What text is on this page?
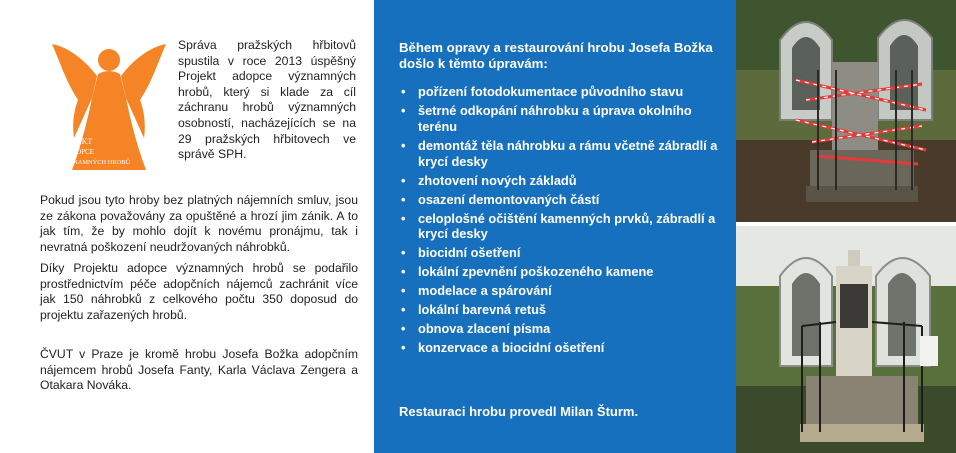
PROJEKT
ADOPCE
VÝZNAMNÝCH HROBŮ

Správa pražských hřbitovů spustila v roce 2013 úspěšný Projekt adopce významných hrobů, který si klade za cíl záchranu hrobů významných osobností, nacházejících se na 29 pražských hřbitovech ve správě SPH.

Pokud jsou tyto hroby bez platných nájemních smluv, jsou ze zákona považovány za opuštěné a hrozí jim zánik. A to jak tím, že by mohlo dojít k novému pronájmu, tak i nevratná poškození neudržovaných náhrobků.

Díky Projektu adopce významných hrobů se podařilo prostřednictvím péče adopčních nájemců zachránit více jak 150 náhrobků z celkového počtu 350 doposud do projektu zařazených hrobů.

ČVUT v Praze je kromě hrobu Josefa Božka adopčním nájemcem hrobů Josefa Fanty, Karla Václava Zengera a Otakara Nováka.

Během opravy a restaurování hrobu Josefa Božka došlo k těmto úpravám:

• pořízení fotodokumentace původního stavu
• šetrné odkopání náhrobku a úprava okolního terénu
• demontáž těla náhrobku a rámu včetně zábradlí a krycí desky
• zhotovení nových základů
• osazení demontovaných částí
• celoplošné očištění kamenných prvků, zábradlí a krycí desky
• biocidní ošetření
• lokální zpevnění poškozeného kamene
• modelace a spárování
• lokální barevná retuš
• obnova zlacení písma
• konzervace a biocidní ošetření

Restauraci hrobu provedl Milan Šturm.
